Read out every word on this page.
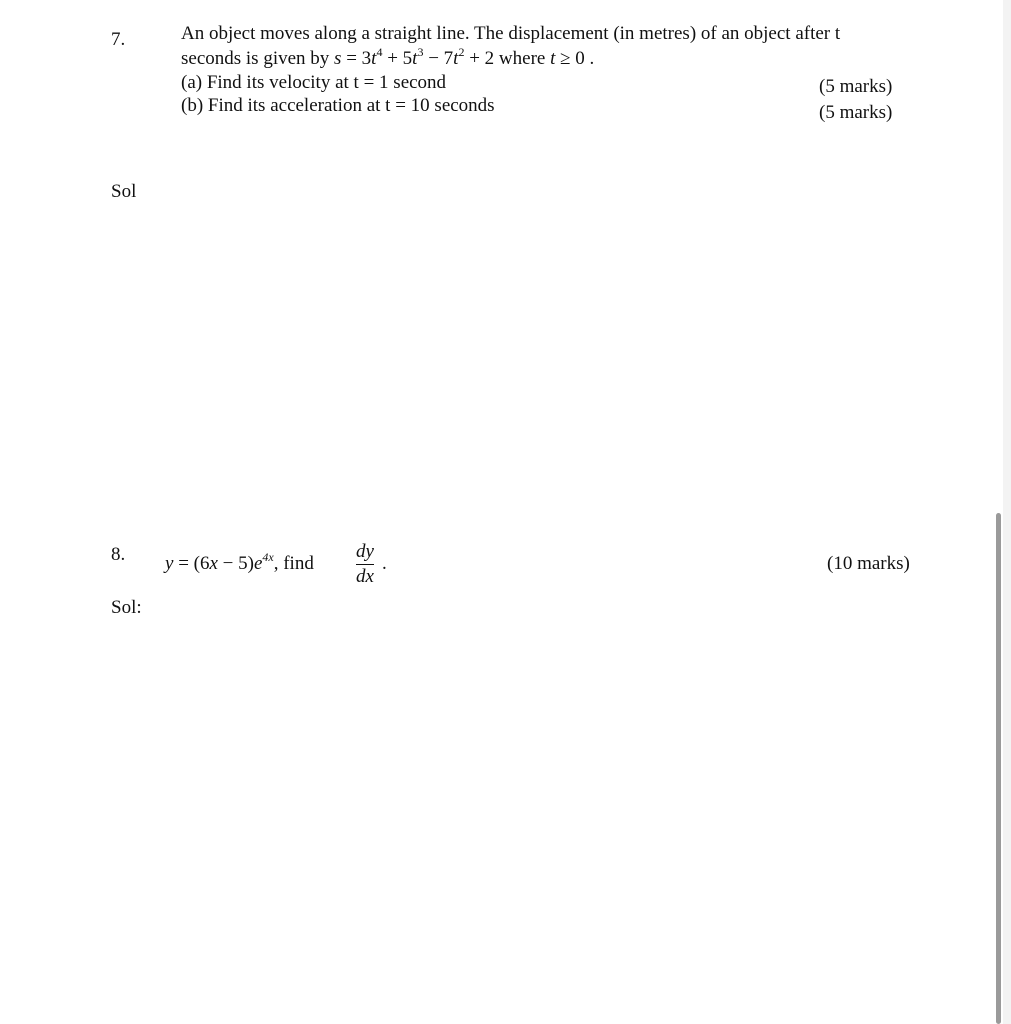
7.	An object moves along a straight line. The displacement (in metres) of an object after t
seconds is given by $s = 3t^4 + 5t^3 - 7t^2 + 2$ where t ≥ 0 .
(a) Find its velocity at t = 1 second	(5 marks)
(b) Find its acceleration at t = 10 seconds	(5 marks)
Sol
8. $y = (6x - 5)e^{4x}$, find
dy
dx
.	(10 marks)
Sol:
